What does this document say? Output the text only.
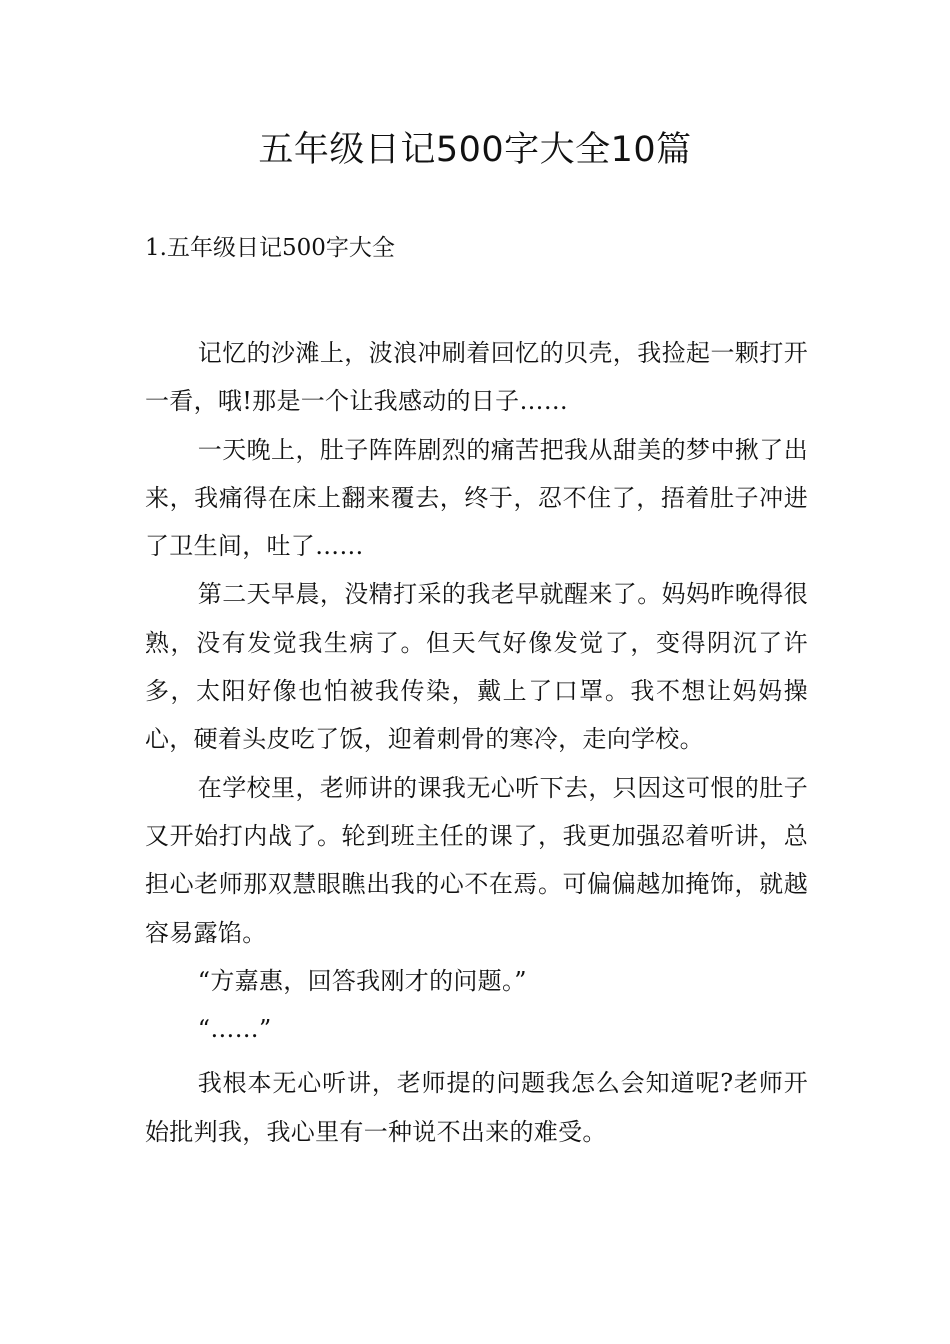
五年级日记500字大全10篇
1.五年级日记500字大全

记忆的沙滩上，波浪冲刷着回忆的贝壳，我捡起一颗打开一看，哦!那是一个让我感动的日子……

一天晚上，肚子阵阵剧烈的痛苦把我从甜美的梦中揪了出来，我痛得在床上翻来覆去，终于，忍不住了，捂着肚子冲进了卫生间，吐了……

第二天早晨，没精打采的我老早就醒来了。妈妈昨晚得很熟，没有发觉我生病了。但天气好像发觉了，变得阴沉了许多，太阳好像也怕被我传染，戴上了口罩。我不想让妈妈操心，硬着头皮吃了饭，迎着刺骨的寒冷，走向学校。

在学校里，老师讲的课我无心听下去，只因这可恨的肚子又开始打内战了。轮到班主任的课了，我更加强忍着听讲，总担心老师那双慧眼瞧出我的心不在焉。可偏偏越加掩饰，就越容易露馅。

“方嘉惠，回答我刚才的问题。”

“……”

我根本无心听讲，老师提的问题我怎么会知道呢?老师开始批判我，我心里有一种说不出来的难受。
